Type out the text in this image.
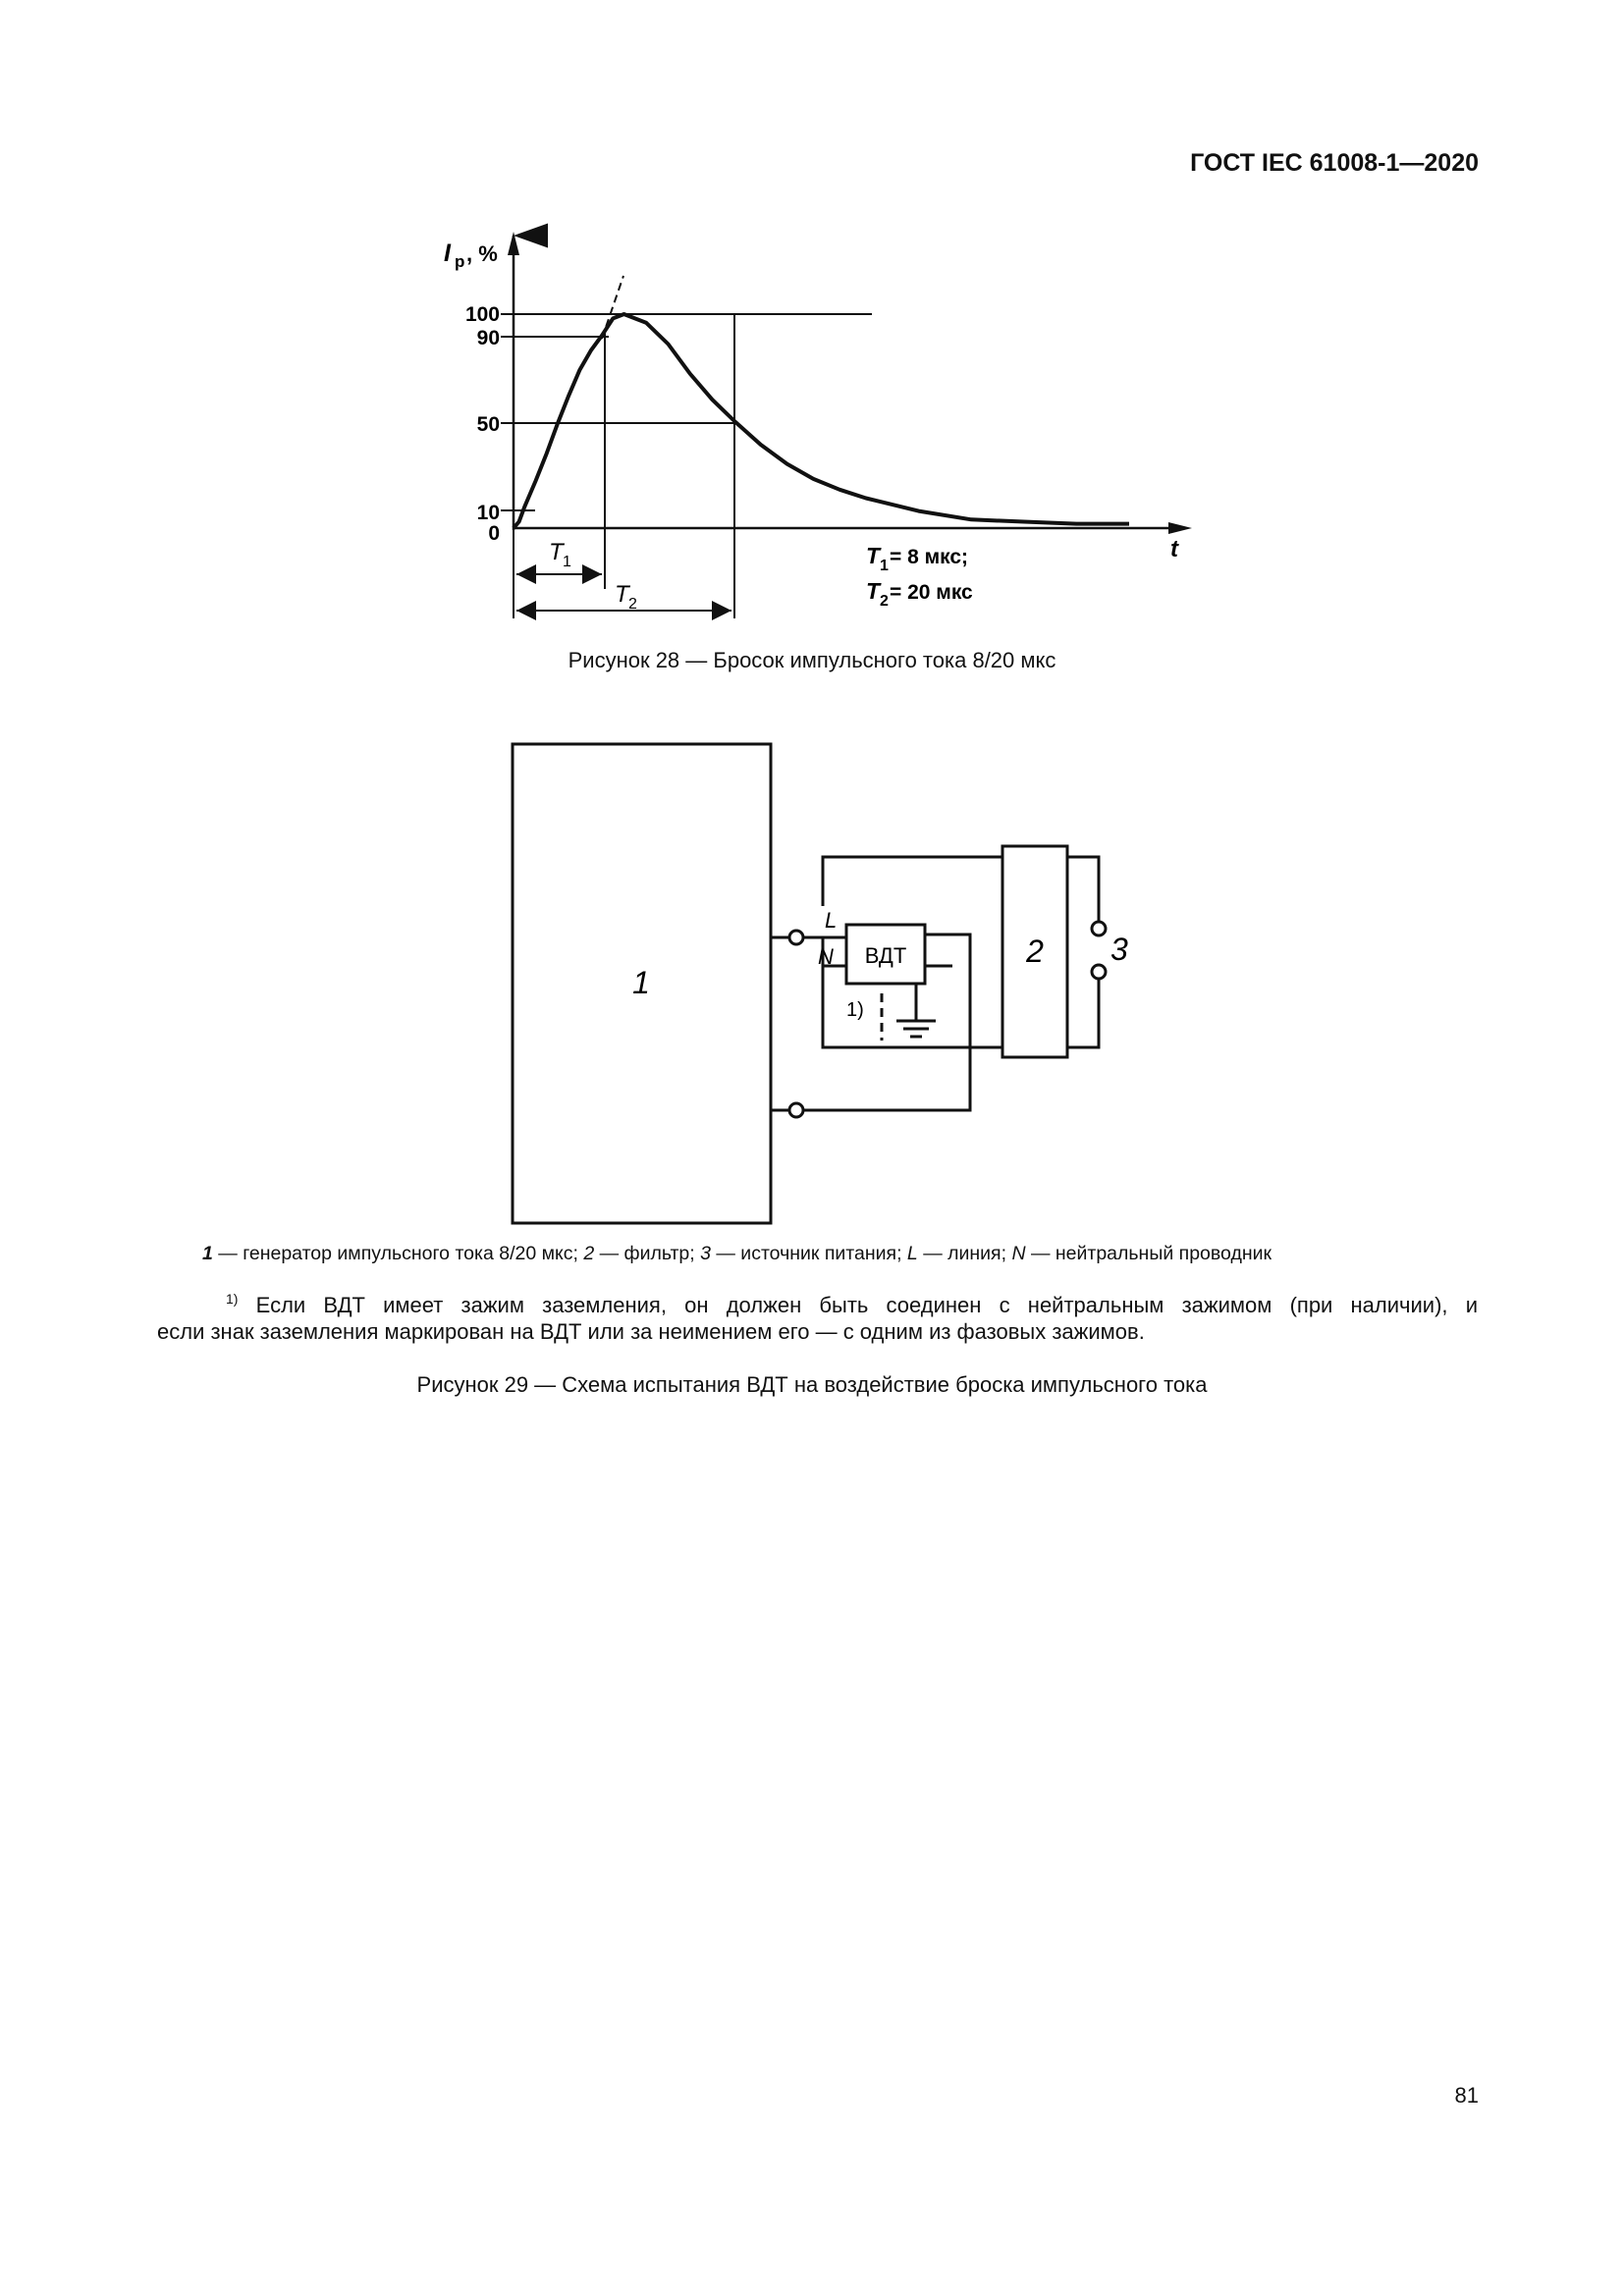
ГОСТ IEC 61008-1—2020
I p , %
t
100
90
50
10
0
T 1
T 2
T 1 = 8 мкс;
T 2 = 20 мкс
Рисунок 28 — Бросок импульсного тока 8/20 мкс
1
ВДТ
L
N
1)
2 3
1 — генератор импульсного тока 8/20 мкс; 2 — фильтр; 3 — источник питания; L — линия; N — нейтральный проводник
$^{1)}$ Если ВДТ имеет зажим заземления, он должен быть соединен с нейтральным зажимом (при наличии), и
если знак заземления маркирован на ВДТ или за неимением его — с одним из фазовых зажимов.
Рисунок 29 — Схема испытания ВДТ на воздействие броска импульсного тока
81
